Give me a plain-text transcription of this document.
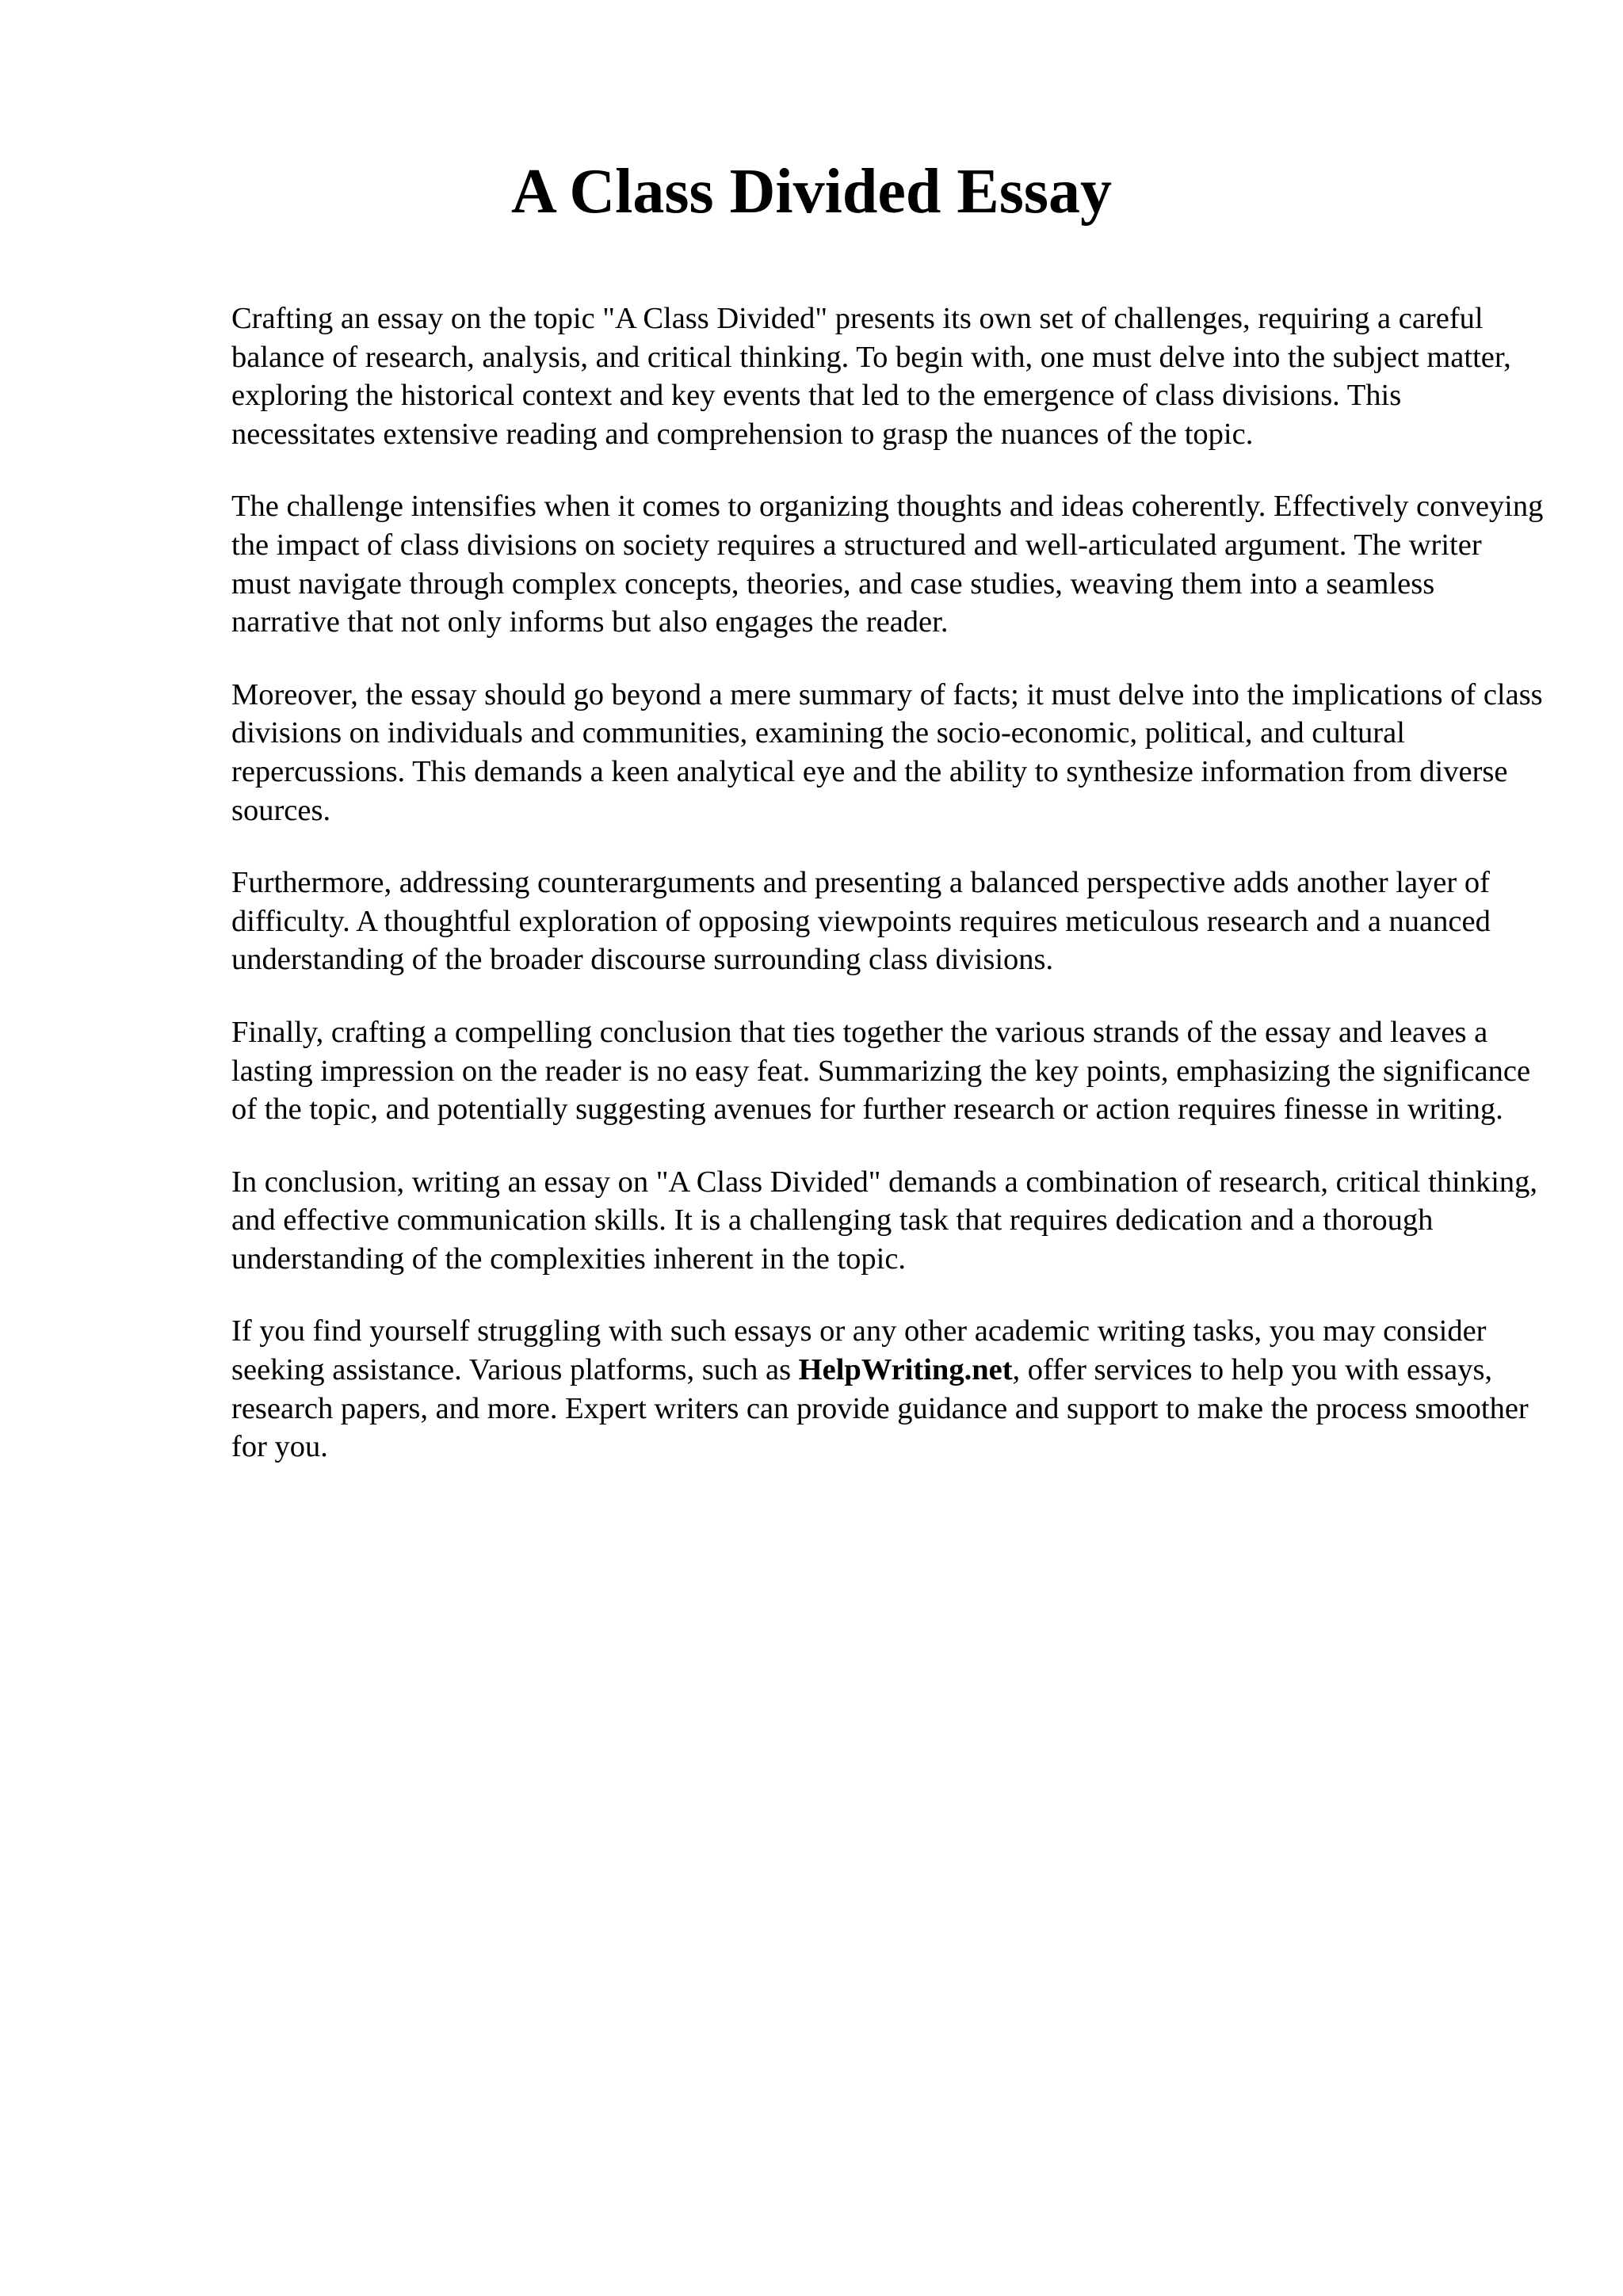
A Class Divided Essay

Crafting an essay on the topic "A Class Divided" presents its own set of challenges, requiring a careful balance of research, analysis, and critical thinking. To begin with, one must delve into the subject matter, exploring the historical context and key events that led to the emergence of class divisions. This necessitates extensive reading and comprehension to grasp the nuances of the topic.

The challenge intensifies when it comes to organizing thoughts and ideas coherently. Effectively conveying the impact of class divisions on society requires a structured and well-articulated argument. The writer must navigate through complex concepts, theories, and case studies, weaving them into a seamless narrative that not only informs but also engages the reader.

Moreover, the essay should go beyond a mere summary of facts; it must delve into the implications of class divisions on individuals and communities, examining the socio-economic, political, and cultural repercussions. This demands a keen analytical eye and the ability to synthesize information from diverse sources.

Furthermore, addressing counterarguments and presenting a balanced perspective adds another layer of difficulty. A thoughtful exploration of opposing viewpoints requires meticulous research and a nuanced understanding of the broader discourse surrounding class divisions.

Finally, crafting a compelling conclusion that ties together the various strands of the essay and leaves a lasting impression on the reader is no easy feat. Summarizing the key points, emphasizing the significance of the topic, and potentially suggesting avenues for further research or action requires finesse in writing.

In conclusion, writing an essay on "A Class Divided" demands a combination of research, critical thinking, and effective communication skills. It is a challenging task that requires dedication and a thorough understanding of the complexities inherent in the topic.

If you find yourself struggling with such essays or any other academic writing tasks, you may consider seeking assistance. Various platforms, such as HelpWriting.net, offer services to help you with essays, research papers, and more. Expert writers can provide guidance and support to make the process smoother for you.
